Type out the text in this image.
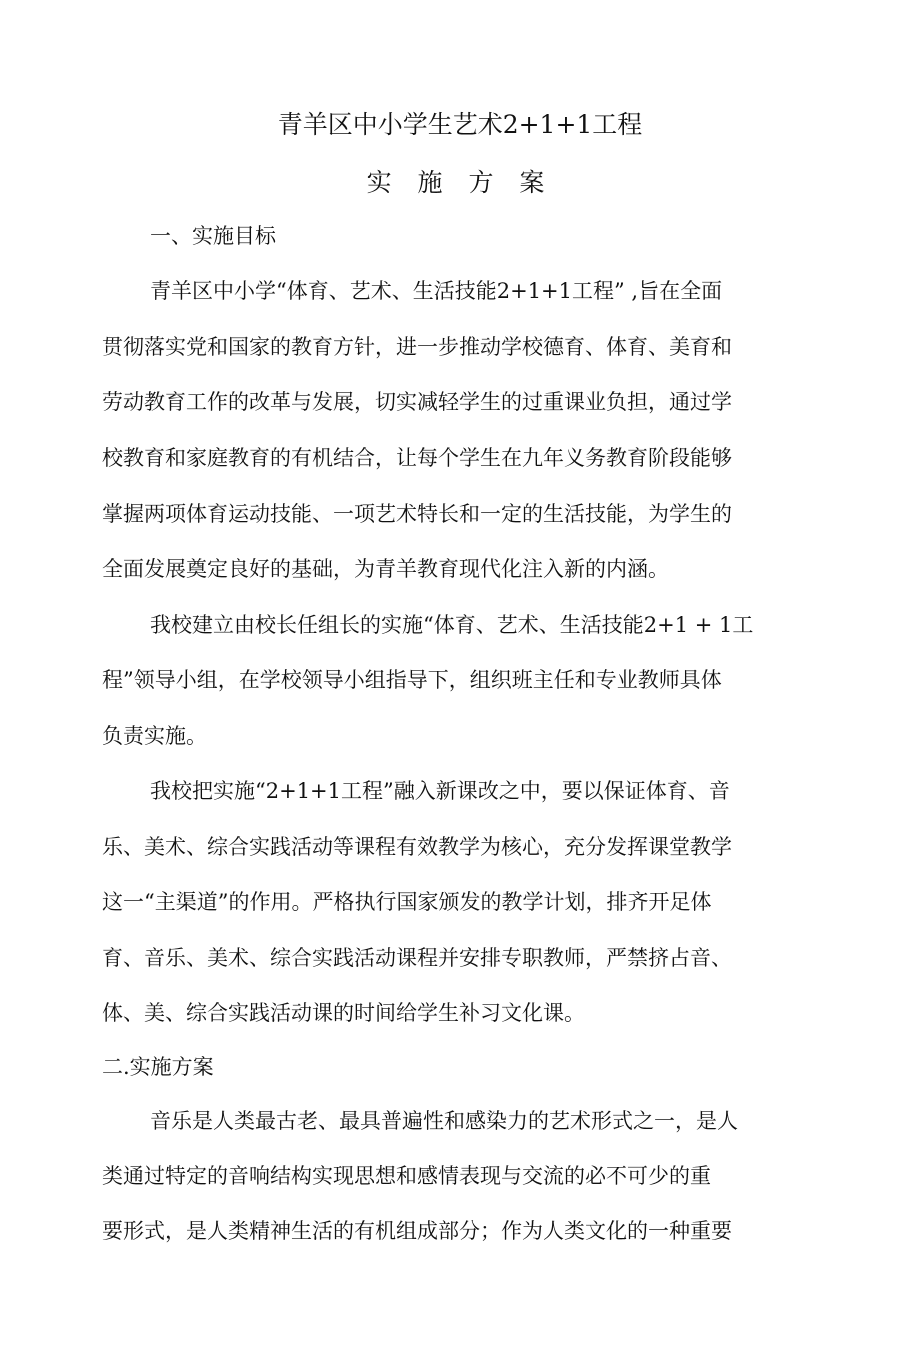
青羊区中小学生艺术2+1+1工程
实 施 方 案
一、实施目标
青羊区中小学“体育、艺术、生活技能2+1+1工程” ,旨在全面
贯彻落实党和国家的教育方针，进一步推动学校德育、体育、美育和
劳动教育工作的改革与发展，切实减轻学生的过重课业负担，通过学
校教育和家庭教育的有机结合，让每个学生在九年义务教育阶段能够
掌握两项体育运动技能、一项艺术特长和一定的生活技能，为学生的
全面发展奠定良好的基础，为青羊教育现代化注入新的内涵。
我校建立由校长任组长的实施“体育、艺术、生活技能2+1 + 1工
程”领导小组，在学校领导小组指导下，组织班主任和专业教师具体
负责实施。
我校把实施“2+1+1工程”融入新课改之中，要以保证体育、音
乐、美术、综合实践活动等课程有效教学为核心，充分发挥课堂教学
这一“主渠道”的作用。严格执行国家颁发的教学计划，排齐开足体
育、音乐、美术、综合实践活动课程并安排专职教师，严禁挤占音、
体、美、综合实践活动课的时间给学生补习文化课。
二.实施方案
音乐是人类最古老、最具普遍性和感染力的艺术形式之一，是人
类通过特定的音响结构实现思想和感情表现与交流的必不可少的重
要形式，是人类精神生活的有机组成部分；作为人类文化的一种重要
